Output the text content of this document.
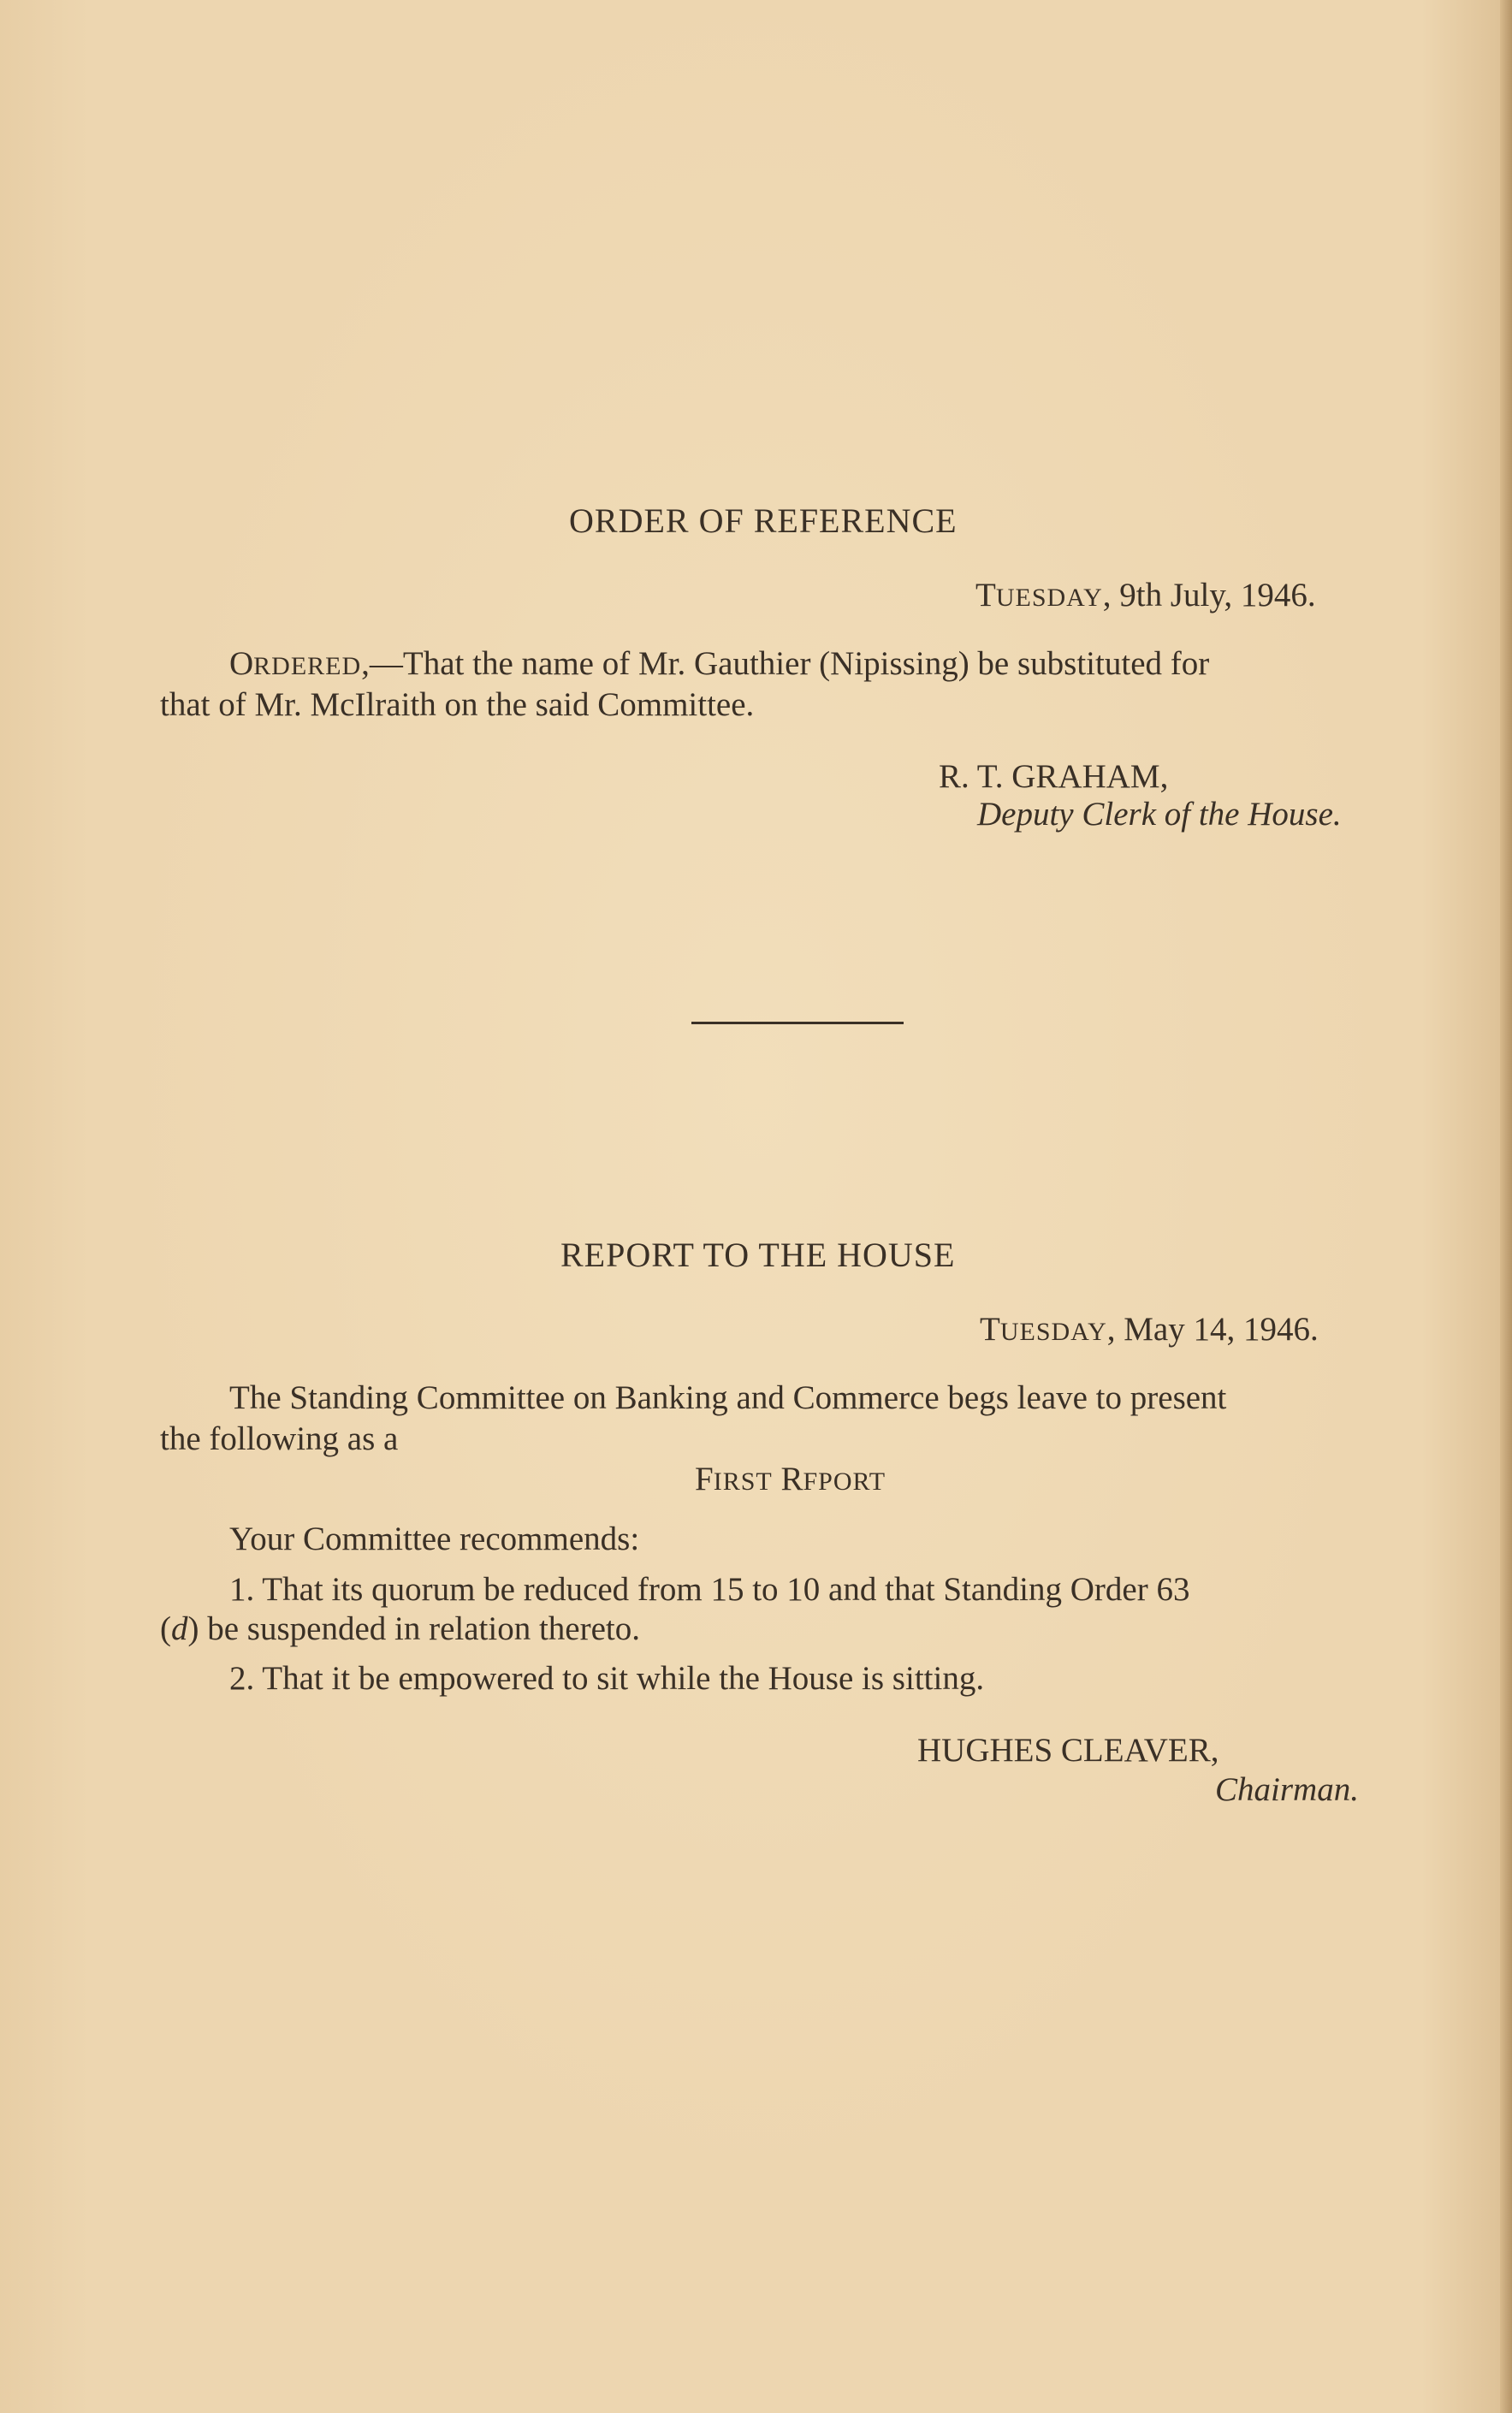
ORDER OF REFERENCE
TUESDAY, 9th July, 1946.
ORDERED,—That the name of Mr. Gauthier (Nipissing) be substituted for
that of Mr. McIlraith on the said Committee.
R. T. GRAHAM,
Deputy Clerk of the House.
REPORT TO THE HOUSE
TUESDAY, May 14, 1946.
The Standing Committee on Banking and Commerce begs leave to present
the following as a
FIRST RFPORT
Your Committee recommends:
1. That its quorum be reduced from 15 to 10 and that Standing Order 63
(d) be suspended in relation thereto.
2. That it be empowered to sit while the House is sitting.
HUGHES CLEAVER,
Chairman.
